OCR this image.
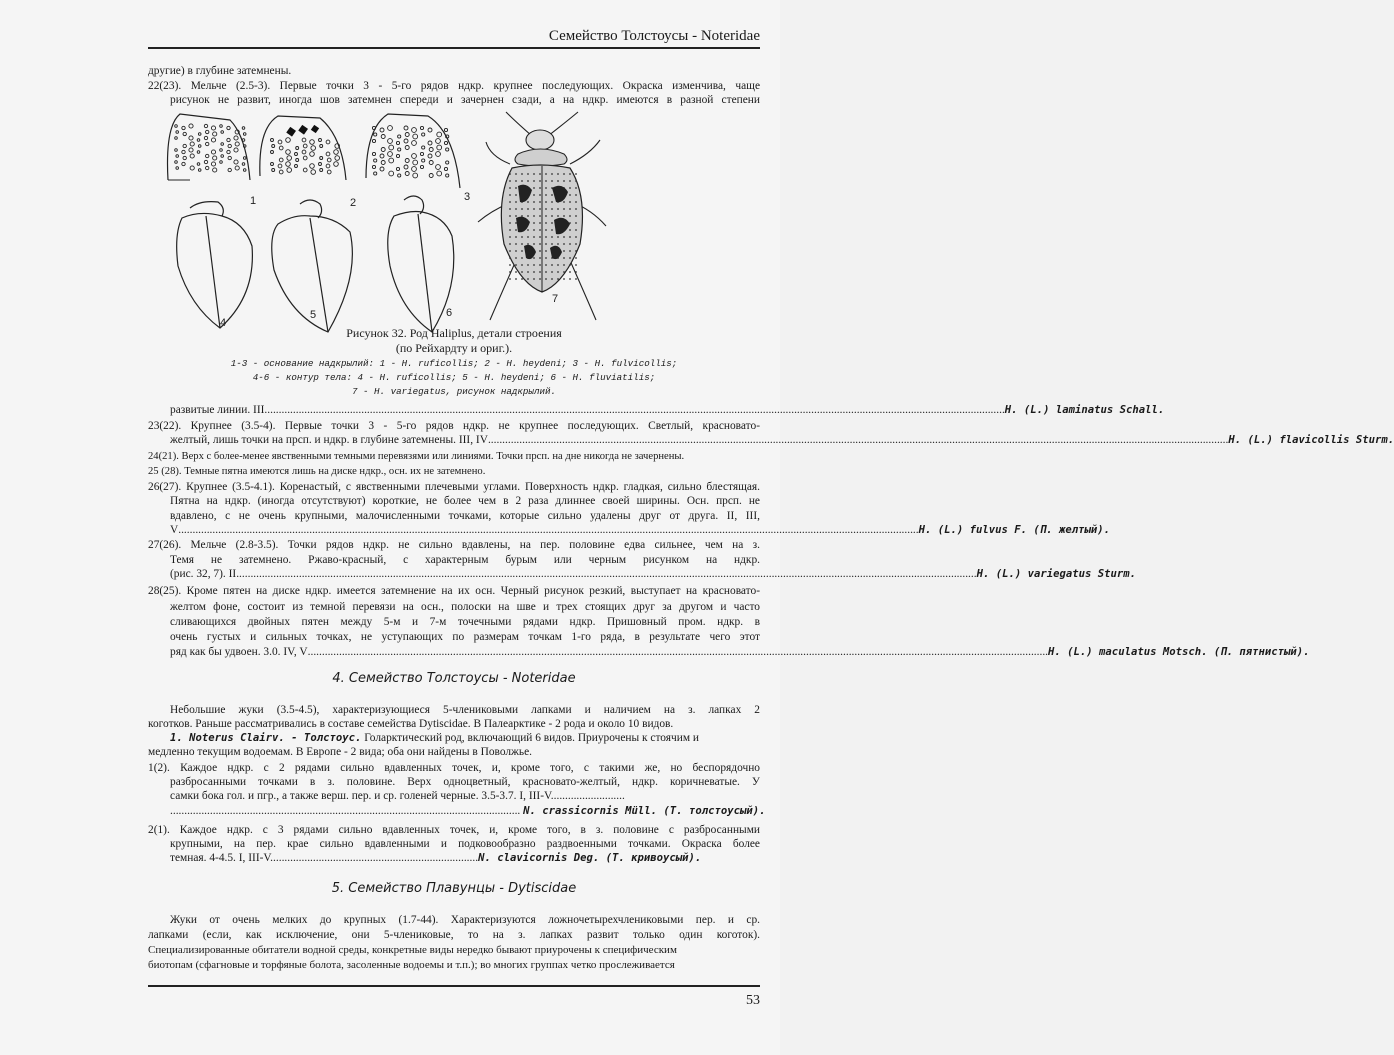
Семейство Толстоусы - Noteridae
другие) в глубине затемнены.
22(23). Мельче (2.5-3). Первые точки 3 - 5-го рядов ндкр. крупнее последующих. Окраска изменчива, чаще
рисунок не развит, иногда шов затемнен спереди и зачернен сзади, а на ндкр. имеются в разной степени
1	2	3
4
5	6
7
Рисунок 32. Род Haliplus, детали строения
(по Рейхардту и ориг.).
1-3 - основание надкрылий: 1 - H. ruficollis; 2 - H. heydeni; 3 - H. fulvicollis;
4-6 - контур тела: 4 - H. ruficollis; 5 - H. heydeni; 6 - H. fluviatilis;
7 - H. variegatus, рисунок надкрылий.
развитые линии. III .................................................................................................................................................................................................................................................................... H. (L.) laminatus Schall.
23(22). Крупнее (3.5-4). Первые точки 3 - 5-го рядов ндкр. не крупнее последующих. Светлый, красновато-
желтый, лишь точки на прсп. и ндкр. в глубине затемнены. III, IV .................................................................................................................................................................................................................................................................... H. (L.) flavicollis Sturm.
24(21). Верх с более-менее явственными темными перевязями или линиями. Точки прсп. на дне никогда не зачернены.
25 (28). Темные пятна имеются лишь на диске ндкр., осн. их не затемнено.
26(27). Крупнее (3.5-4.1). Коренастый, с явственными плечевыми углами. Поверхность ндкр. гладкая, сильно блестящая.
Пятна на ндкр. (иногда отсутствуют) короткие, не более чем в 2 раза длиннее своей ширины. Осн. прсп. не
вдавлено, с не очень крупными, малочисленными точками, которые сильно удалены друг от друга. II, III,
V .................................................................................................................................................................................................................................................................... H. (L.) fulvus F. (П. желтый).
27(26). Мельче (2.8-3.5). Точки рядов ндкр. не сильно вдавлены, на пер. половине едва сильнее, чем на з.
Темя не затемнено. Ржаво-красный, с характерным бурым или черным рисунком на ндкр.
(рис. 32, 7). II .................................................................................................................................................................................................................................................................... H. (L.) variegatus Sturm.
28(25). Кроме пятен на диске ндкр. имеется затемнение на их осн. Черный рисунок резкий, выступает на красновато-
желтом фоне, состоит из темной перевязи на осн., полоски на шве и трех стоящих друг за другом и часто
сливающихся двойных пятен между 5-м и 7-м точечными рядами ндкр. Пришовный пром. ндкр. в
очень густых и сильных точках, не уступающих по размерам точкам 1-го ряда, в результате чего этот
ряд как бы удвоен. 3.0. IV, V .................................................................................................................................................................................................................................................................... H. (L.) maculatus Motsch. (П. пятнистый).
4. Семейство Толстоусы - Noteridae
Небольшие жуки (3.5-4.5), характеризующиеся 5-члениковыми лапками и наличием на з. лапках 2
коготков. Раньше рассматривались в составе семейства Dytiscidae. В Палеарктике - 2 рода и около 10 видов.
1. Noterus Clairv. - Толстоус. Голарктический род, включающий 6 видов. Приурочены к стоячим и
медленно текущим водоемам. В Европе - 2 вида; оба они найдены в Поволжье.
1(2). Каждое ндкр. с 2 рядами сильно вдавленных точек, и, кроме того, с такими же, но беспорядочно
разбросанными точками в з. половине. Верх одноцветный, красновато-желтый, ндкр. коричневатые. У
самки бока гол. и пгр., а также верш. пер. и ср. голеней черные. 3.5-3.7. I, III-V..........................
........................................................................................................................... N. crassicornis Müll. (T. толстоусый).
2(1). Каждое ндкр. с 3 рядами сильно вдавленных точек, и, кроме того, в з. половине с разбросанными
крупными, на пер. крае сильно вдавленными и подковообразно раздвоенными точками. Окраска более
темная. 4-4.5. I, III-V.........................................................................N. clavicornis Deg. (T. кривоусый).
5. Семейство Плавунцы - Dytiscidae
Жуки от очень мелких до крупных (1.7-44). Характеризуются ложночетырехчлениковыми пер. и ср.
лапками (если, как исключение, они 5-члениковые, то на з. лапках развит только один коготок).
Специализированные обитатели водной среды, конкретные виды нередко бывают приурочены к специфическим
биотопам (сфагновые и торфяные болота, засоленные водоемы и т.п.); во многих группах четко прослеживается
53
